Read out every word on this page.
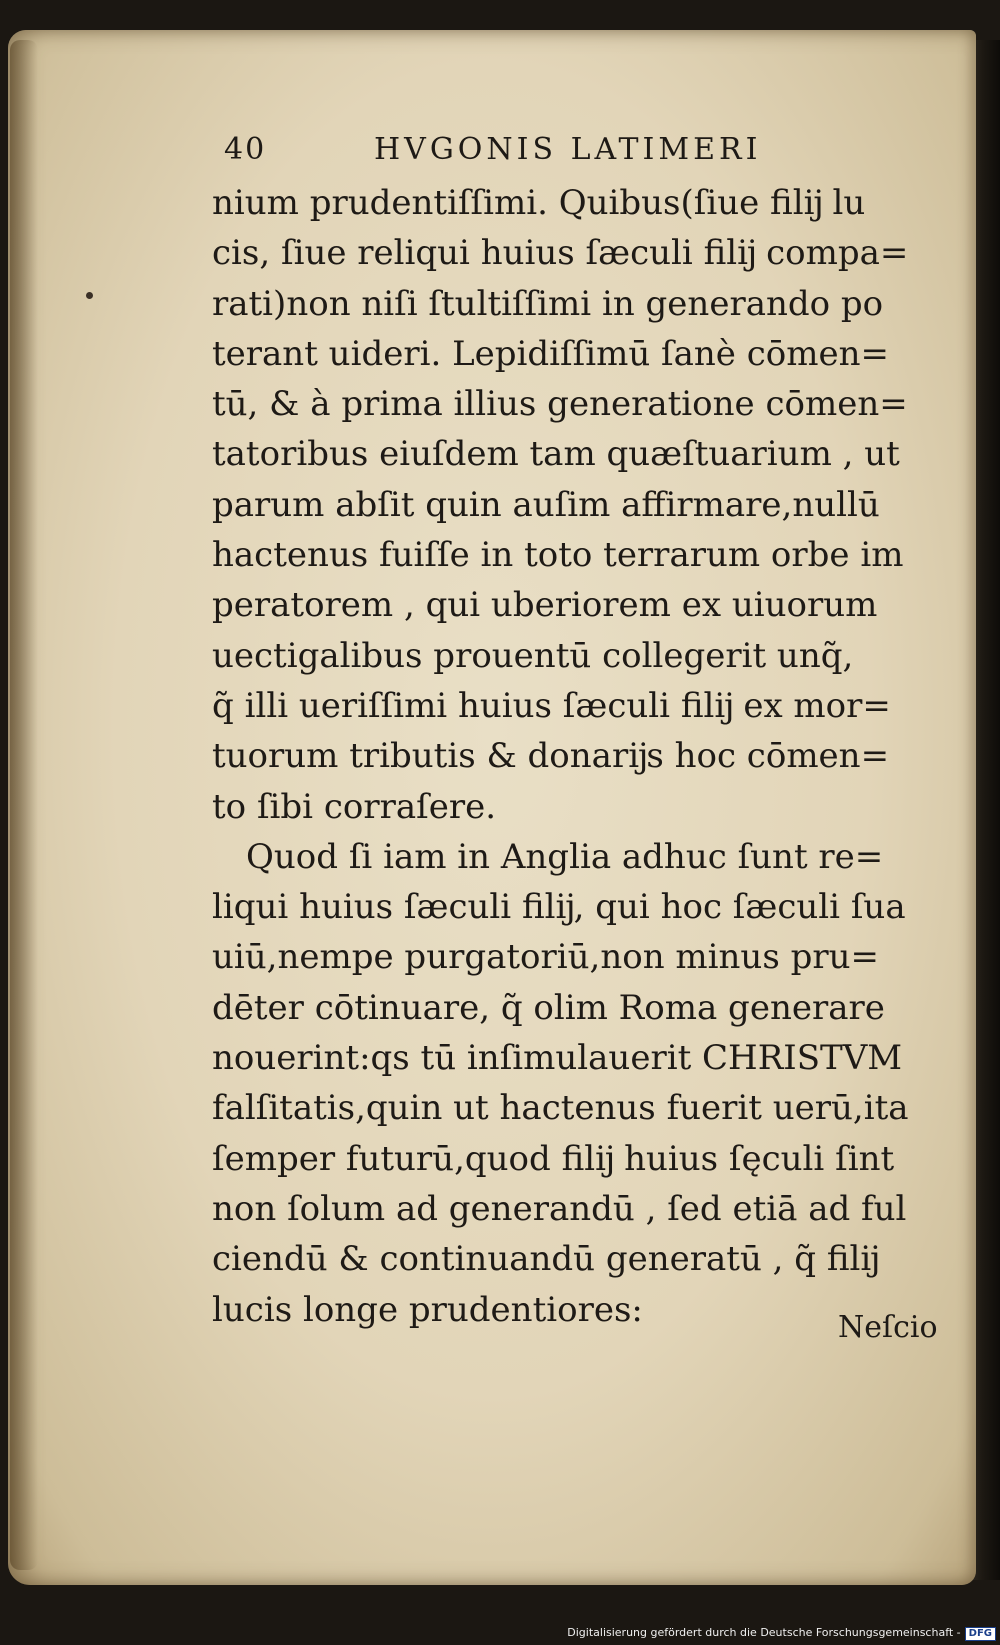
40	HVGONIS LATIMERI
nium prudentiſſimi. Quibus(ſiue filĳ lu
cis, ſiue reliqui huius ſæculi filĳ compa=
rati)non niſi ſtultiſſimi in generando po
terant uideri. Lepidiſſimū ſanè cōmen=
tū, & à prima illius generatione cōmen=
tatoribus eiuſdem tam quæſtuarium , ut
parum abſit quin auſim affirmare,nullū
hactenus fuiſſe in toto terrarum orbe im
peratorem , qui uberiorem ex uiuorum
uectigalibus prouentū collegerit unq̃,
q̃ illi ueriſſimi huius ſæculi filĳ ex mor=
tuorum tributis & donarĳs hoc cōmen=
to ſibi corraſere.
Quod ſi iam in Anglia adhuc ſunt re=
liqui huius ſæculi filĳ, qui hoc ſæculi ſua
uiū,nempe purgatoriū,non minus pru=
dēter cōtinuare, q̃ olim Roma generare
nouerint:qs tū inſimulauerit CHRISTVM
falſitatis,quin ut hactenus fuerit uerū,ita
ſemper futurū,quod filĳ huius ſęculi ſint
non ſolum ad generandū , ſed etiā ad ful
ciendū & continuandū generatū , q̃ filĳ
lucis longe prudentiores:	Neſcio
Digitalisierung gefördert durch die Deutsche Forschungsgemeinschaft - DFG
